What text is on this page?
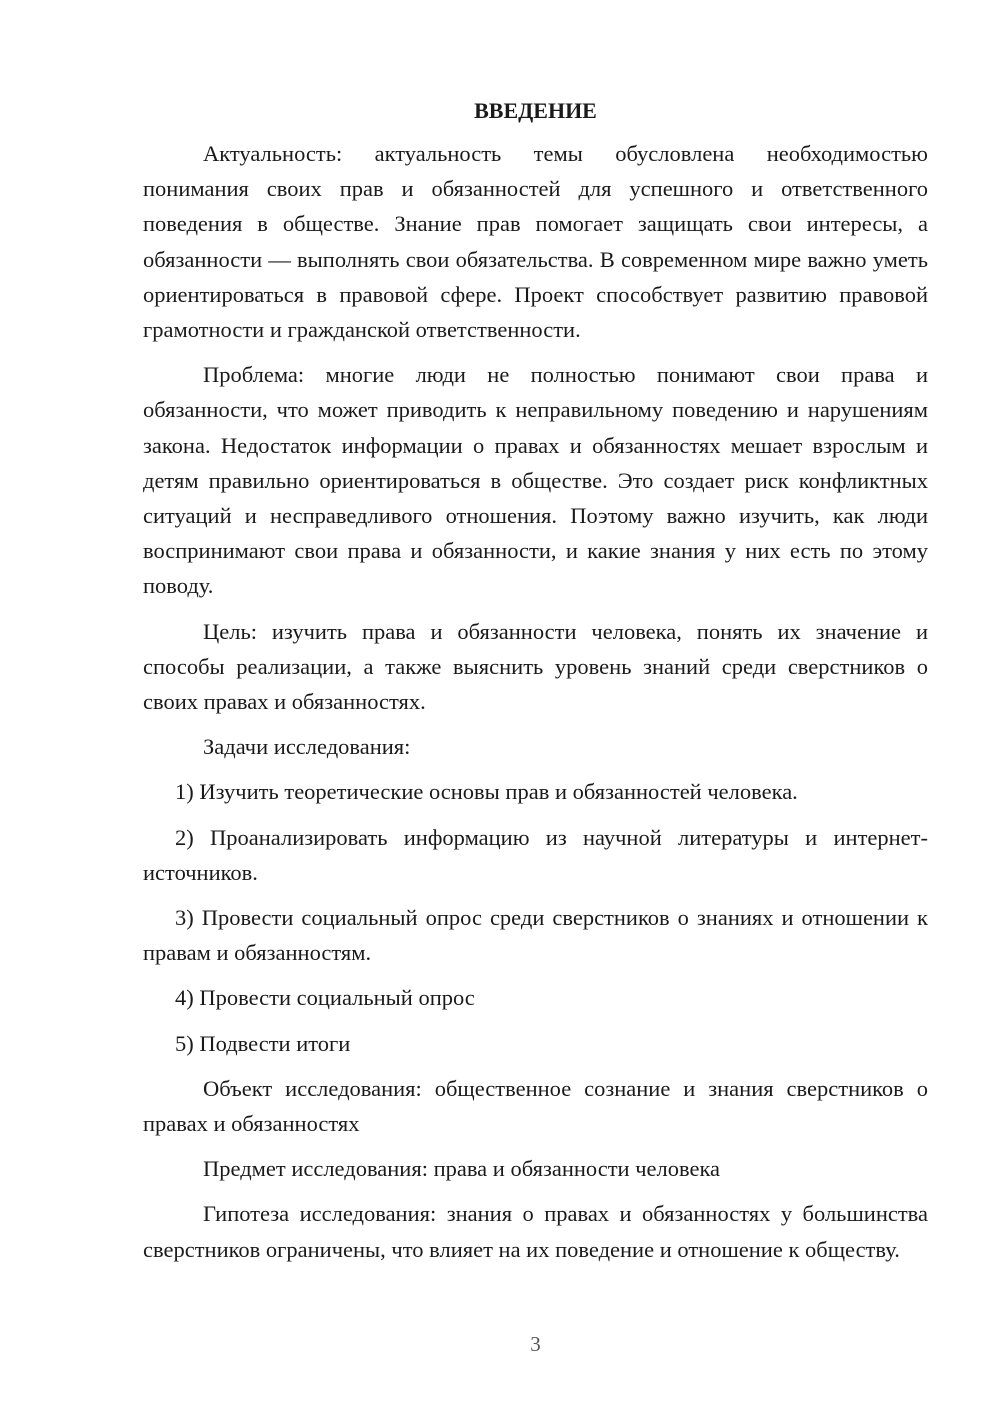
ВВЕДЕНИЕ
Актуальность: актуальность темы обусловлена необходимостью понимания своих прав и обязанностей для успешного и ответственного поведения в обществе. Знание прав помогает защищать свои интересы, а обязанности — выполнять свои обязательства. В современном мире важно уметь ориентироваться в правовой сфере. Проект способствует развитию правовой грамотности и гражданской ответственности.
Проблема: многие люди не полностью понимают свои права и обязанности, что может приводить к неправильному поведению и нарушениям закона. Недостаток информации о правах и обязанностях мешает взрослым и детям правильно ориентироваться в обществе. Это создает риск конфликтных ситуаций и несправедливого отношения. Поэтому важно изучить, как люди воспринимают свои права и обязанности, и какие знания у них есть по этому поводу.
Цель: изучить права и обязанности человека, понять их значение и способы реализации, а также выяснить уровень знаний среди сверстников о своих правах и обязанностях.
Задачи исследования:
1) Изучить теоретические основы прав и обязанностей человека.
2) Проанализировать информацию из научной литературы и интернет-источников.
3) Провести социальный опрос среди сверстников о знаниях и отношении к правам и обязанностям.
4) Провести социальный опрос
5) Подвести итоги
Объект исследования: общественное сознание и знания сверстников о правах и обязанностях
Предмет исследования: права и обязанности человека
Гипотеза исследования: знания о правах и обязанностях у большинства сверстников ограничены, что влияет на их поведение и отношение к обществу.
3
